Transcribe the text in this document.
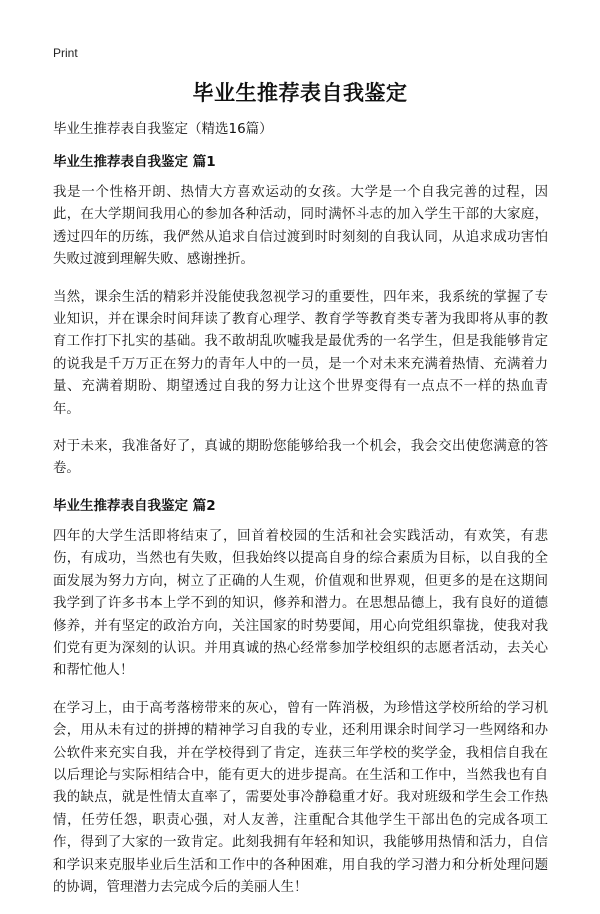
Print
毕业生推荐表自我鉴定

毕业生推荐表自我鉴定（精选16篇）

毕业生推荐表自我鉴定 篇1

我是一个性格开朗、热情大方喜欢运动的女孩。大学是一个自我完善的过程，因此，在大学期间我用心的参加各种活动，同时满怀斗志的加入学生干部的大家庭，透过四年的历练，我俨然从追求自信过渡到时时刻刻的自我认同，从追求成功害怕失败过渡到理解失败、感谢挫折。

当然，课余生活的精彩并没能使我忽视学习的重要性，四年来，我系统的掌握了专业知识，并在课余时间拜读了教育心理学、教育学等教育类专著为我即将从事的教育工作打下扎实的基础。我不敢胡乱吹嘘我是最优秀的一名学生，但是我能够肯定的说我是千万万正在努力的青年人中的一员，是一个对未来充满着热情、充满着力量、充满着期盼、期望透过自我的努力让这个世界变得有一点点不一样的热血青年。

对于未来，我准备好了，真诚的期盼您能够给我一个机会，我会交出使您满意的答卷。

毕业生推荐表自我鉴定 篇2

四年的大学生活即将结束了，回首着校园的生活和社会实践活动，有欢笑，有悲伤，有成功，当然也有失败，但我始终以提高自身的综合素质为目标，以自我的全面发展为努力方向，树立了正确的人生观，价值观和世界观，但更多的是在这期间我学到了许多书本上学不到的知识，修养和潜力。在思想品德上，我有良好的道德修养，并有坚定的政治方向，关注国家的时势要闻，用心向党组织靠拢，使我对我们党有更为深刻的认识。并用真诚的热心经常参加学校组织的志愿者活动，去关心和帮忙他人！

在学习上，由于高考落榜带来的灰心，曾有一阵消极，为珍惜这学校所给的学习机会，用从未有过的拼搏的精神学习自我的专业，还利用课余时间学习一些网络和办公软件来充实自我，并在学校得到了肯定，连获三年学校的奖学金，我相信自我在以后理论与实际相结合中，能有更大的进步提高。在生活和工作中，当然我也有自我的缺点，就是性情太直率了，需要处事冷静稳重才好。我对班级和学生会工作热情，任劳任怨，职责心强，对人友善，注重配合其他学生干部出色的完成各项工作，得到了大家的一致肯定。此刻我拥有年轻和知识，我能够用热情和活力，自信和学识来克服毕业后生活和工作中的各种困难，用自我的学习潜力和分析处理问题的协调，管理潜力去完成今后的美丽人生！
